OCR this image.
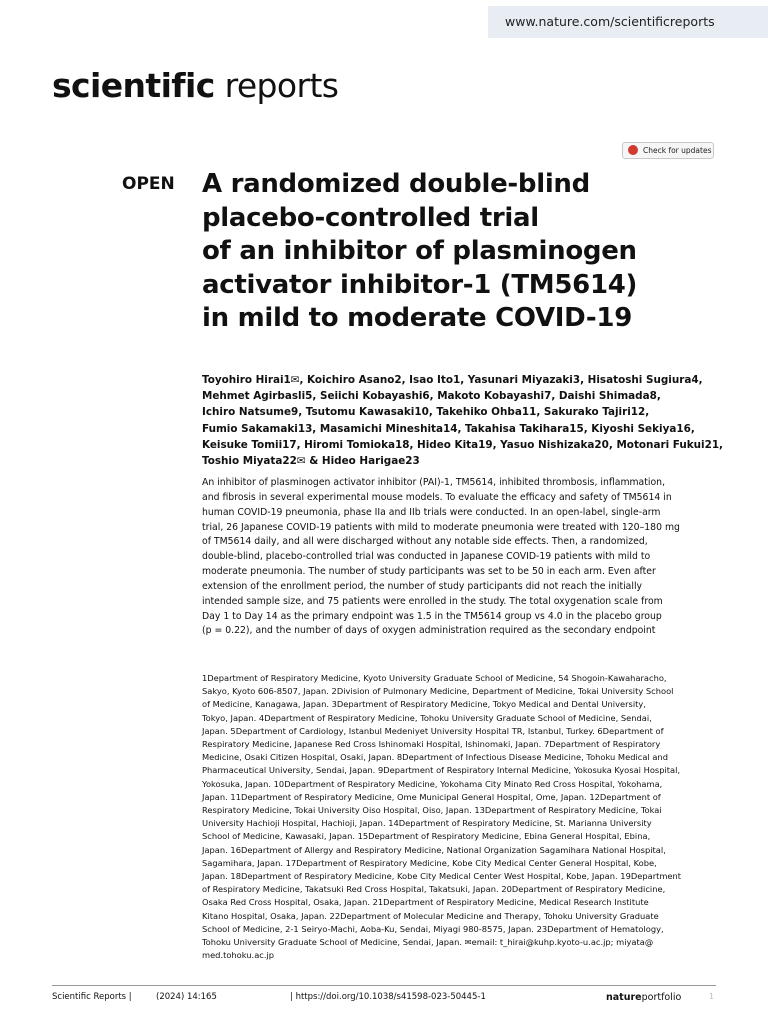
www.nature.com/scientificreports
scientific reports
Check for updates
OPEN A randomized double-blind
placebo-controlled trial
of an inhibitor of plasminogen
activator inhibitor-1 (TM5614)
in mild to moderate COVID-19
Toyohiro Hirai1✉, Koichiro Asano2, Isao Ito1, Yasunari Miyazaki3, Hisatoshi Sugiura4,
Mehmet Agirbasli5, Seiichi Kobayashi6, Makoto Kobayashi7, Daishi Shimada8,
Ichiro Natsume9, Tsutomu Kawasaki10, Takehiko Ohba11, Sakurako Tajiri12,
Fumio Sakamaki13, Masamichi Mineshita14, Takahisa Takihara15, Kiyoshi Sekiya16,
Keisuke Tomii17, Hiromi Tomioka18, Hideo Kita19, Yasuo Nishizaka20, Motonari Fukui21,
Toshio Miyata22✉ & Hideo Harigae23
An inhibitor of plasminogen activator inhibitor (PAI)-1, TM5614, inhibited thrombosis, inflammation,
and fibrosis in several experimental mouse models. To evaluate the efficacy and safety of TM5614 in
human COVID-19 pneumonia, phase IIa and IIb trials were conducted. In an open-label, single-arm
trial, 26 Japanese COVID-19 patients with mild to moderate pneumonia were treated with 120–180 mg
of TM5614 daily, and all were discharged without any notable side effects. Then, a randomized,
double-blind, placebo-controlled trial was conducted in Japanese COVID-19 patients with mild to
moderate pneumonia. The number of study participants was set to be 50 in each arm. Even after
extension of the enrollment period, the number of study participants did not reach the initially
intended sample size, and 75 patients were enrolled in the study. The total oxygenation scale from
Day 1 to Day 14 as the primary endpoint was 1.5 in the TM5614 group vs 4.0 in the placebo group
(p = 0.22), and the number of days of oxygen administration required as the secondary endpoint
1Department of Respiratory Medicine, Kyoto University Graduate School of Medicine, 54 Shogoin-Kawaharacho,
Sakyo, Kyoto 606-8507, Japan. 2Division of Pulmonary Medicine, Department of Medicine, Tokai University School
of Medicine, Kanagawa, Japan. 3Department of Respiratory Medicine, Tokyo Medical and Dental University,
Tokyo, Japan. 4Department of Respiratory Medicine, Tohoku University Graduate School of Medicine, Sendai,
Japan. 5Department of Cardiology, Istanbul Medeniyet University Hospital TR, Istanbul, Turkey. 6Department of
Respiratory Medicine, Japanese Red Cross Ishinomaki Hospital, Ishinomaki, Japan. 7Department of Respiratory
Medicine, Osaki Citizen Hospital, Osaki, Japan. 8Department of Infectious Disease Medicine, Tohoku Medical and
Pharmaceutical University, Sendai, Japan. 9Department of Respiratory Internal Medicine, Yokosuka Kyosai Hospital,
Yokosuka, Japan. 10Department of Respiratory Medicine, Yokohama City Minato Red Cross Hospital, Yokohama,
Japan. 11Department of Respiratory Medicine, Ome Municipal General Hospital, Ome, Japan. 12Department of
Respiratory Medicine, Tokai University Oiso Hospital, Oiso, Japan. 13Department of Respiratory Medicine, Tokai
University Hachioji Hospital, Hachioji, Japan. 14Department of Respiratory Medicine, St. Marianna University
School of Medicine, Kawasaki, Japan. 15Department of Respiratory Medicine, Ebina General Hospital, Ebina,
Japan. 16Department of Allergy and Respiratory Medicine, National Organization Sagamihara National Hospital,
Sagamihara, Japan. 17Department of Respiratory Medicine, Kobe City Medical Center General Hospital, Kobe,
Japan. 18Department of Respiratory Medicine, Kobe City Medical Center West Hospital, Kobe, Japan. 19Department
of Respiratory Medicine, Takatsuki Red Cross Hospital, Takatsuki, Japan. 20Department of Respiratory Medicine,
Osaka Red Cross Hospital, Osaka, Japan. 21Department of Respiratory Medicine, Medical Research Institute
Kitano Hospital, Osaka, Japan. 22Department of Molecular Medicine and Therapy, Tohoku University Graduate
School of Medicine, 2-1 Seiryo-Machi, Aoba-Ku, Sendai, Miyagi 980-8575, Japan. 23Department of Hematology,
Tohoku University Graduate School of Medicine, Sendai, Japan. ✉email: t_hirai@kuhp.kyoto-u.ac.jp; miyata@
med.tohoku.ac.jp
Scientific Reports |	(2024) 14:165	| https://doi.org/10.1038/s41598-023-50445-1	natureportfolio	1
